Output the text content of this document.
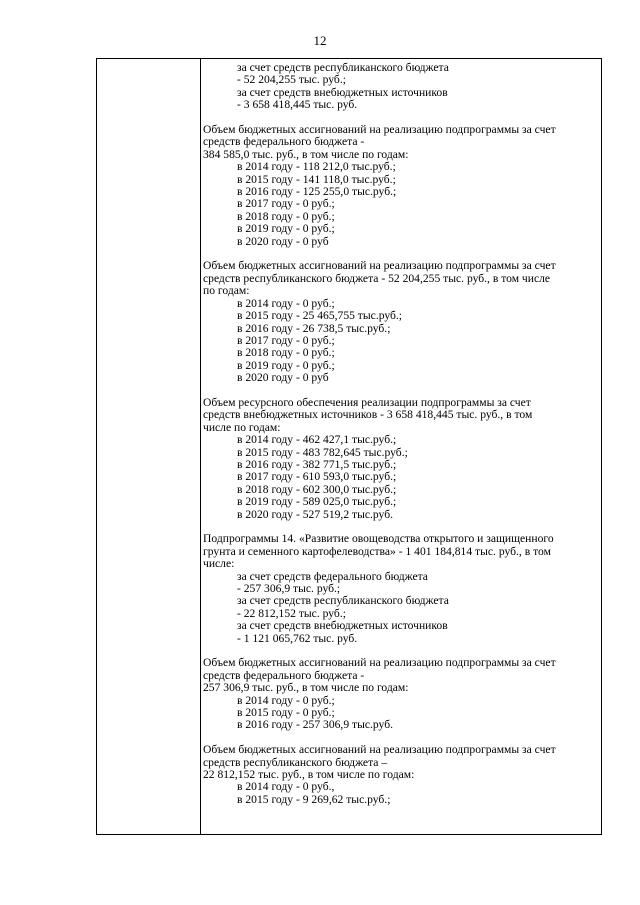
12
за счет средств республиканского бюджета
- 52 204,255 тыс. руб.;
за счет средств внебюджетных источников
- 3 658 418,445 тыс. руб.
Объем бюджетных ассигнований на реализацию подпрограммы за счет
средств федерального бюджета -
384 585,0 тыс. руб., в том числе по годам:
в 2014 году - 118 212,0 тыс.руб.;
в 2015 году - 141 118,0 тыс.руб.;
в 2016 году - 125 255,0 тыс.руб.;
в 2017 году - 0 руб.;
в 2018 году - 0 руб.;
в 2019 году - 0 руб.;
в 2020 году - 0 руб
Объем бюджетных ассигнований на реализацию подпрограммы за счет
средств республиканского бюджета - 52 204,255 тыс. руб., в том числе
по годам:
в 2014 году - 0 руб.;
в 2015 году - 25 465,755 тыс.руб.;
в 2016 году - 26 738,5 тыс.руб.;
в 2017 году - 0 руб.;
в 2018 году - 0 руб.;
в 2019 году - 0 руб.;
в 2020 году - 0 руб
Объем ресурсного обеспечения реализации подпрограммы за счет
средств внебюджетных источников - 3 658 418,445 тыс. руб., в том
числе по годам:
в 2014 году - 462 427,1 тыс.руб.;
в 2015 году - 483 782,645 тыс.руб.;
в 2016 году - 382 771,5 тыс.руб.;
в 2017 году - 610 593,0 тыс.руб.;
в 2018 году - 602 300,0 тыс.руб.;
в 2019 году - 589 025,0 тыс.руб.;
в 2020 году - 527 519,2 тыс.руб.
Подпрограммы 14. «Развитие овощеводства открытого и защищенного
грунта и семенного картофелеводства» - 1 401 184,814 тыс. руб., в том
числе:
за счет средств федерального бюджета
- 257 306,9 тыс. руб.;
за счет средств республиканского бюджета
- 22 812,152 тыс. руб.;
за счет средств внебюджетных источников
- 1 121 065,762 тыс. руб.
Объем бюджетных ассигнований на реализацию подпрограммы за счет
средств федерального бюджета -
257 306,9 тыс. руб., в том числе по годам:
в 2014 году - 0 руб.;
в 2015 году - 0 руб.;
в 2016 году - 257 306,9 тыс.руб.
Объем бюджетных ассигнований на реализацию подпрограммы за счет
средств республиканского бюджета –
22 812,152 тыс. руб., в том числе по годам:
в 2014 году - 0 руб.,
в 2015 году - 9 269,62 тыс.руб.;
